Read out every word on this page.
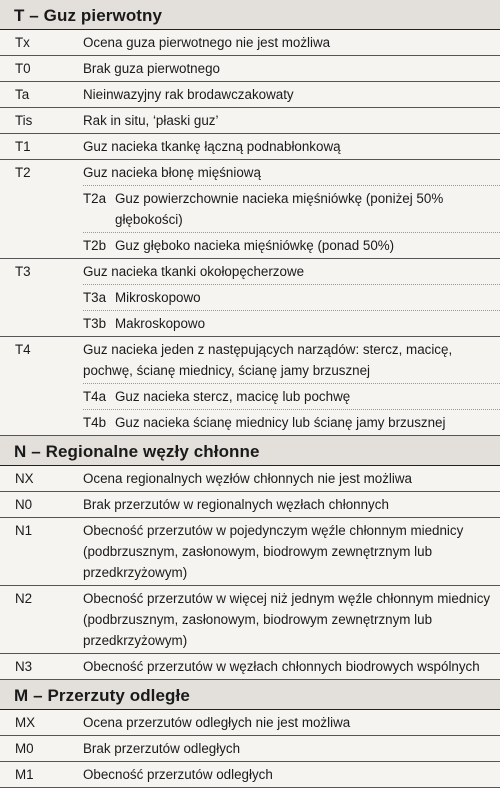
T – Guz pierwotny
Tx	Ocena guza pierwotnego nie jest możliwa
T0	Brak guza pierwotnego
Ta	Nieinwazyjny rak brodawczakowaty
Tis	Rak in situ, ‘płaski guz’
T1	Guz nacieka tkankę łączną podnabłonkową
T2	Guz nacieka błonę mięśniową
T2a Guz powierzchownie nacieka mięśniówkę (poniżej 50% głębokości)
T2b Guz głęboko nacieka mięśniówkę (ponad 50%)
T3	Guz nacieka tkanki okołopęcherzowe
T3a Mikroskopowo
T3b Makroskopowo
T4	Guz nacieka jeden z następujących narządów: stercz, macicę, pochwę, ścianę miednicy, ścianę jamy brzusznej
T4a Guz nacieka stercz, macicę lub pochwę
T4b Guz nacieka ścianę miednicy lub ścianę jamy brzusznej
N – Regionalne węzły chłonne
NX	Ocena regionalnych węzłów chłonnych nie jest możliwa
N0	Brak przerzutów w regionalnych węzłach chłonnych
N1	Obecność przerzutów w pojedynczym węźle chłonnym miednicy (podbrzusznym, zasłonowym, biodrowym zewnętrznym lub przedkrzyżowym)
N2	Obecność przerzutów w więcej niż jednym węźle chłonnym miednicy (podbrzusznym, zasłonowym, biodrowym zewnętrznym lub przedkrzyżowym)
N3	Obecność przerzutów w węzłach chłonnych biodrowych wspólnych
M – Przerzuty odległe
MX	Ocena przerzutów odległych nie jest możliwa
M0	Brak przerzutów odległych
M1	Obecność przerzutów odległych
